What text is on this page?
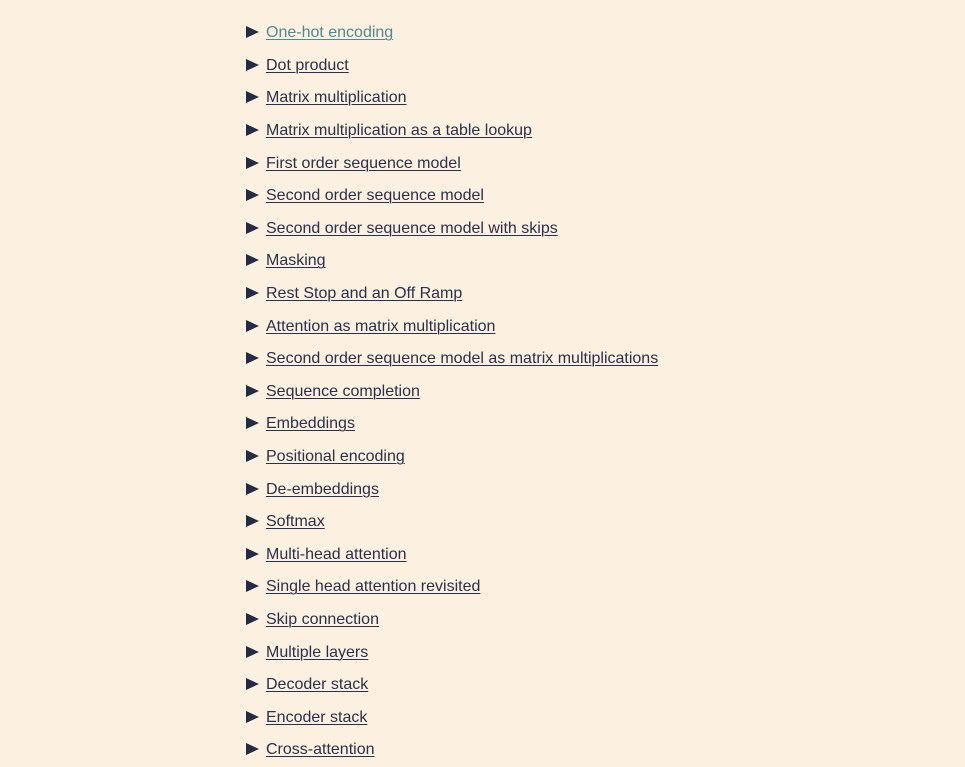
One-hot encoding
Dot product
Matrix multiplication
Matrix multiplication as a table lookup
First order sequence model
Second order sequence model
Second order sequence model with skips
Masking
Rest Stop and an Off Ramp
Attention as matrix multiplication
Second order sequence model as matrix multiplications
Sequence completion
Embeddings
Positional encoding
De-embeddings
Softmax
Multi-head attention
Single head attention revisited
Skip connection
Multiple layers
Decoder stack
Encoder stack
Cross-attention
